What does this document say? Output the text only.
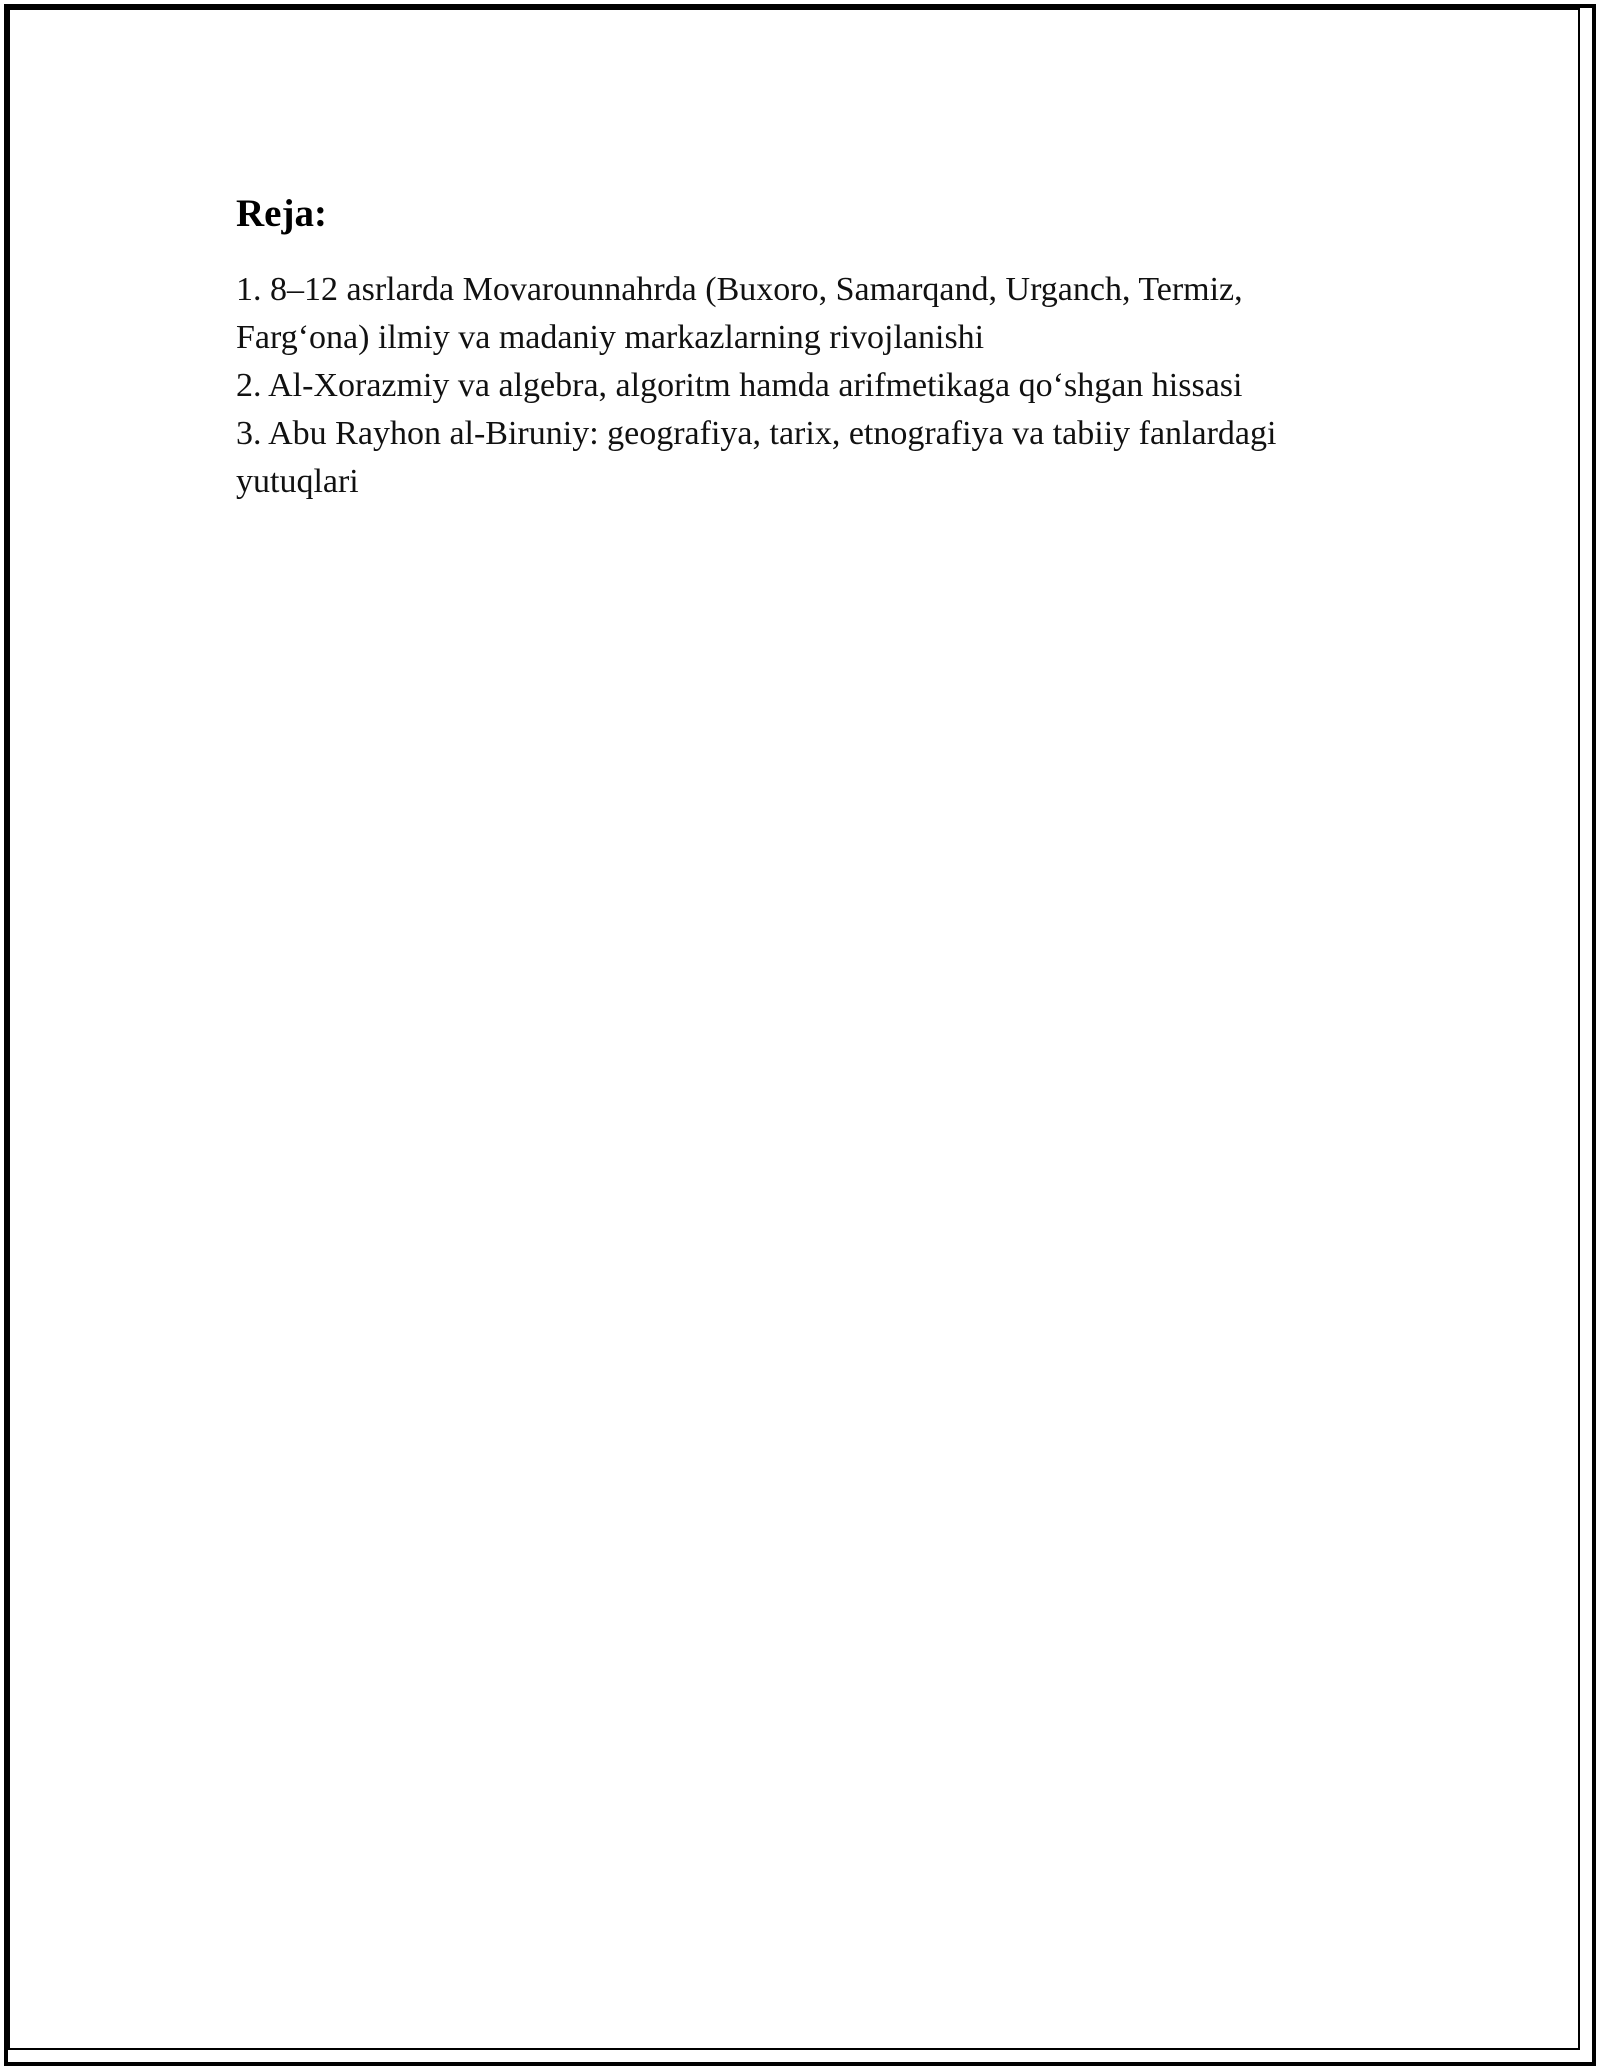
Reja:
1. 8–12 asrlarda Movarounnahrda (Buxoro, Samarqand, Urganch, Termiz, Farg‘ona) ilmiy va madaniy markazlarning rivojlanishi
2. Al-Xorazmiy va algebra, algoritm hamda arifmetikaga qo‘shgan hissasi
3. Abu Rayhon al-Biruniy: geografiya, tarix, etnografiya va tabiiy fanlardagi yutuqlari
